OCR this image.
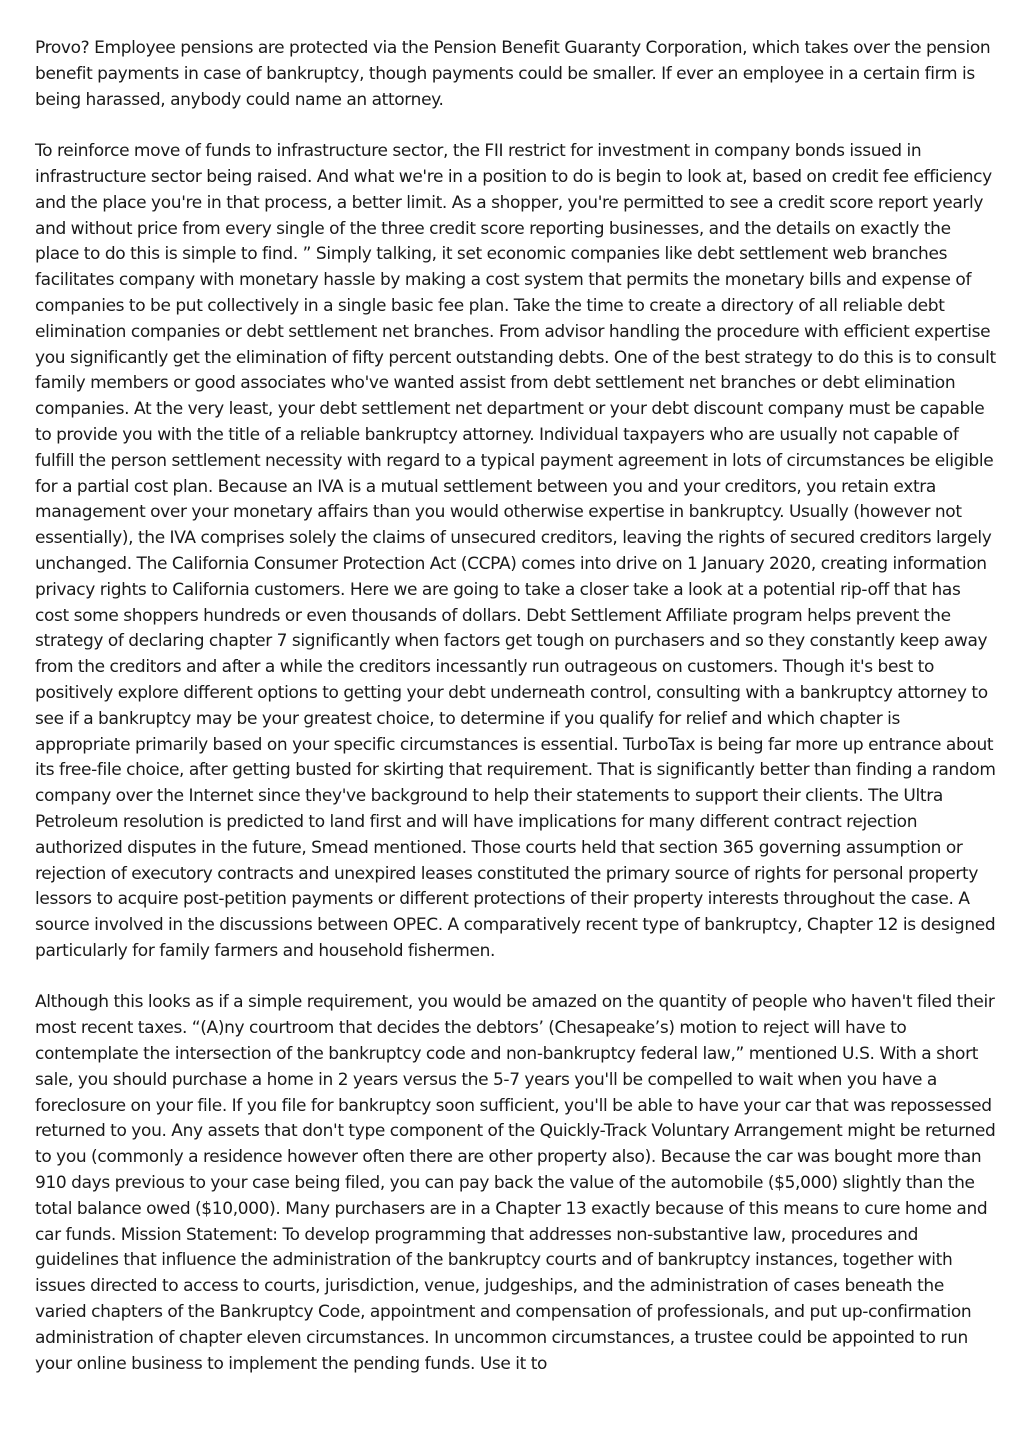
Provo? Employee pensions are protected via the Pension Benefit Guaranty Corporation, which takes over the pension benefit payments in case of bankruptcy, though payments could be smaller. If ever an employee in a certain firm is being harassed, anybody could name an attorney.

To reinforce move of funds to infrastructure sector, the FII restrict for investment in company bonds issued in infrastructure sector being raised. And what we're in a position to do is begin to look at, based on credit fee efficiency and the place you're in that process, a better limit. As a shopper, you're permitted to see a credit score report yearly and without price from every single of the three credit score reporting businesses, and the details on exactly the place to do this is simple to find. ” Simply talking, it set economic companies like debt settlement web branches facilitates company with monetary hassle by making a cost system that permits the monetary bills and expense of companies to be put collectively in a single basic fee plan. Take the time to create a directory of all reliable debt elimination companies or debt settlement net branches. From advisor handling the procedure with efficient expertise you significantly get the elimination of fifty percent outstanding debts. One of the best strategy to do this is to consult family members or good associates who've wanted assist from debt settlement net branches or debt elimination companies. At the very least, your debt settlement net department or your debt discount company must be capable to provide you with the title of a reliable bankruptcy attorney. Individual taxpayers who are usually not capable of fulfill the person settlement necessity with regard to a typical payment agreement in lots of circumstances be eligible for a partial cost plan. Because an IVA is a mutual settlement between you and your creditors, you retain extra management over your monetary affairs than you would otherwise expertise in bankruptcy. Usually (however not essentially), the IVA comprises solely the claims of unsecured creditors, leaving the rights of secured creditors largely unchanged. The California Consumer Protection Act (CCPA) comes into drive on 1 January 2020, creating information privacy rights to California customers. Here we are going to take a closer take a look at a potential rip-off that has cost some shoppers hundreds or even thousands of dollars. Debt Settlement Affiliate program helps prevent the strategy of declaring chapter 7 significantly when factors get tough on purchasers and so they constantly keep away from the creditors and after a while the creditors incessantly run outrageous on customers. Though it's best to positively explore different options to getting your debt underneath control, consulting with a bankruptcy attorney to see if a bankruptcy may be your greatest choice, to determine if you qualify for relief and which chapter is appropriate primarily based on your specific circumstances is essential. TurboTax is being far more up entrance about its free-file choice, after getting busted for skirting that requirement. That is significantly better than finding a random company over the Internet since they've background to help their statements to support their clients. The Ultra Petroleum resolution is predicted to land first and will have implications for many different contract rejection authorized disputes in the future, Smead mentioned. Those courts held that section 365 governing assumption or rejection of executory contracts and unexpired leases constituted the primary source of rights for personal property lessors to acquire post-petition payments or different protections of their property interests throughout the case. A source involved in the discussions between OPEC. A comparatively recent type of bankruptcy, Chapter 12 is designed particularly for family farmers and household fishermen.

Although this looks as if a simple requirement, you would be amazed on the quantity of people who haven't filed their most recent taxes. “(A)ny courtroom that decides the debtors’ (Chesapeake’s) motion to reject will have to contemplate the intersection of the bankruptcy code and non-bankruptcy federal law,” mentioned U.S. With a short sale, you should purchase a home in 2 years versus the 5-7 years you'll be compelled to wait when you have a foreclosure on your file. If you file for bankruptcy soon sufficient, you'll be able to have your car that was repossessed returned to you. Any assets that don't type component of the Quickly-Track Voluntary Arrangement might be returned to you (commonly a residence however often there are other property also). Because the car was bought more than 910 days previous to your case being filed, you can pay back the value of the automobile ($5,000) slightly than the total balance owed ($10,000). Many purchasers are in a Chapter 13 exactly because of this means to cure home and car funds. Mission Statement: To develop programming that addresses non-substantive law, procedures and guidelines that influence the administration of the bankruptcy courts and of bankruptcy instances, together with issues directed to access to courts, jurisdiction, venue, judgeships, and the administration of cases beneath the varied chapters of the Bankruptcy Code, appointment and compensation of professionals, and put up-confirmation administration of chapter eleven circumstances. In uncommon circumstances, a trustee could be appointed to run your online business to implement the pending funds. Use it to
